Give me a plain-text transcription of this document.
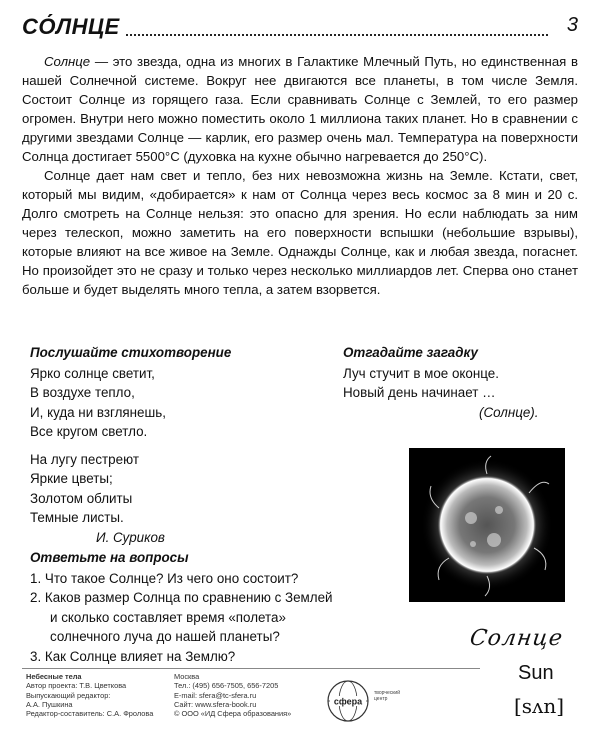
СО́ЛНЦЕ	3

Солнце — это звезда, одна из многих в Галактике Млечный Путь, но единственная в нашей Солнечной системе. Вокруг нее двигаются все планеты, в том числе Земля. Состоит Солнце из горящего газа. Если сравнивать Солнце с Землей, то его размер огромен. Внутри него можно поместить около 1 миллиона таких планет. Но в сравнении с другими звездами Солнце — карлик, его размер очень мал. Температура на поверхности Солнца достигает 5500°С (духовка на кухне обычно нагревается до 250°С).

Солнце дает нам свет и тепло, без них невозможна жизнь на Земле. Кстати, свет, который мы видим, «добирается» к нам от Солнца через весь космос за 8 мин и 20 с. Долго смотреть на Солнце нельзя: это опасно для зрения. Но если наблюдать за ним через телескоп, можно заметить на его поверхности вспышки (небольшие взрывы), которые влияют на все живое на Земле. Однажды Солнце, как и любая звезда, погаснет. Но произойдет это не сразу и только через несколько миллиардов лет. Сперва оно станет больше и будет выделять много тепла, а затем взорвется.

Послушайте стихотворение
Ярко солнце светит,
В воздухе тепло,
И, куда ни взглянешь,
Все кругом светло.
На лугу пестреют
Яркие цветы;
Золотом облиты
Темные листы.
И. Суриков
Отгадайте загадку
Луч стучит в мое оконце.
Новый день начинает …
(Солнце).
Ответьте на вопросы
1. Что такое Солнце? Из чего оно состоит?
2. Каков размер Солнца по сравнению с Землей
и сколько составляет время «полета»
солнечного луча до нашей планеты?
3. Как Солнце влияет на Землю?
Солнце
Sun
[sʌn]
Небесные тела
Автор проекта: Т.В. Цветкова
Выпускающий редактор:
А.А. Пушкина
Редактор-составитель: С.А. Фролова
Москва
Тел.: (495) 656-7505, 656-7205
E-mail: sfera@tc-sfera.ru
Сайт: www.sfera-book.ru
© ООО «ИД Сфера образования»
сфера
творческий центр
